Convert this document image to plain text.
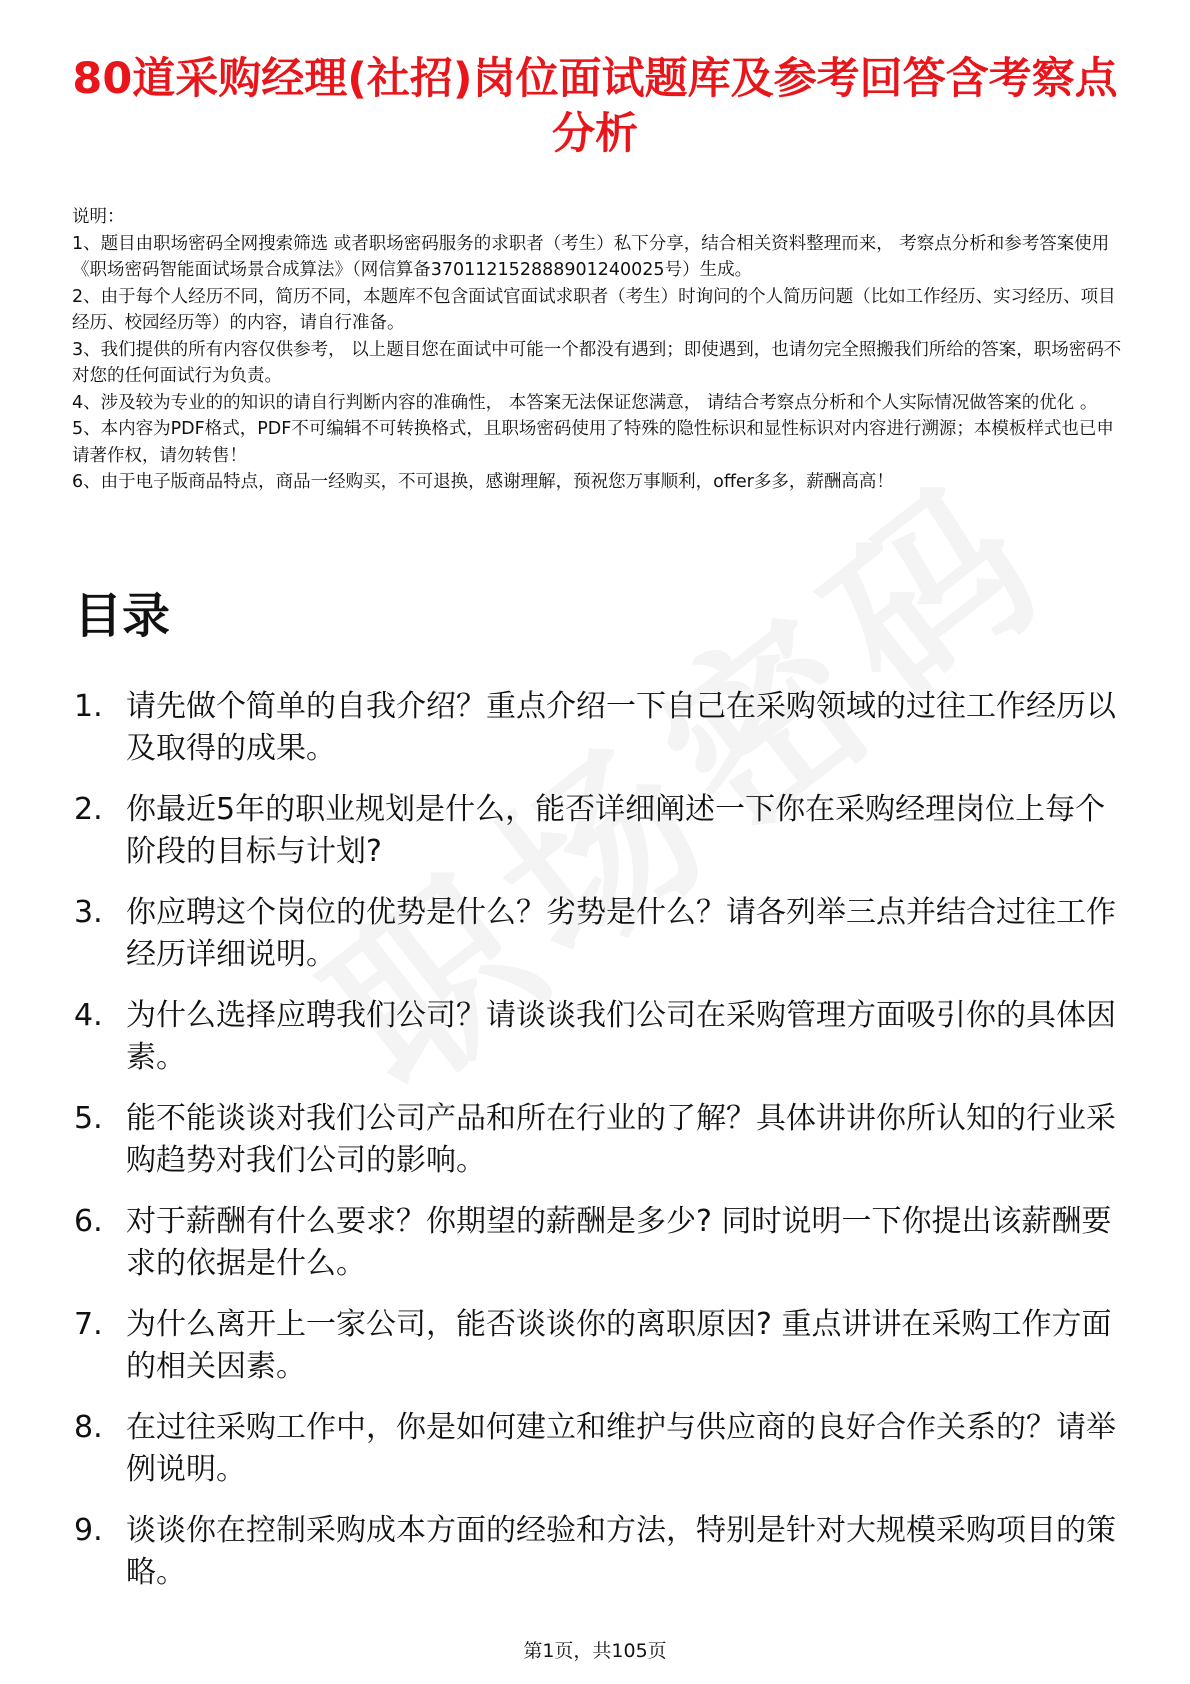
80道采购经理(社招)岗位面试题库及参考回答含考察点分析

说明：

1、题目由职场密码全网搜索筛选 或者职场密码服务的求职者（考生）私下分享，结合相关资料整理而来， 考察点分析和参考答案使用《职场密码智能面试场景合成算法》（网信算备370112152888901240025号）生成。

2、由于每个人经历不同，简历不同，本题库不包含面试官面试求职者（考生）时询问的个人简历问题（比如工作经历、实习经历、项目经历、校园经历等）的内容，请自行准备。

3、我们提供的所有内容仅供参考， 以上题目您在面试中可能一个都没有遇到；即使遇到，也请勿完全照搬我们所给的答案，职场密码不对您的任何面试行为负责。

4、涉及较为专业的的知识的请自行判断内容的准确性， 本答案无法保证您满意， 请结合考察点分析和个人实际情况做答案的优化 。

5、本内容为PDF格式，PDF不可编辑不可转换格式，且职场密码使用了特殊的隐性标识和显性标识对内容进行溯源；本模板样式也已申请著作权，请勿转售！

6、由于电子版商品特点，商品一经购买，不可退换，感谢理解，预祝您万事顺利，offer多多，薪酬高高！

目录
1. 请先做个简单的自我介绍？重点介绍一下自己在采购领域的过往工作经历以及取得的成果。
2. 你最近5年的职业规划是什么，能否详细阐述一下你在采购经理岗位上每个阶段的目标与计划?
3. 你应聘这个岗位的优势是什么？劣势是什么？请各列举三点并结合过往工作经历详细说明。
4. 为什么选择应聘我们公司？请谈谈我们公司在采购管理方面吸引你的具体因素。
5. 能不能谈谈对我们公司产品和所在行业的了解？具体讲讲你所认知的行业采购趋势对我们公司的影响。
6. 对于薪酬有什么要求？你期望的薪酬是多少? 同时说明一下你提出该薪酬要求的依据是什么。
7. 为什么离开上一家公司，能否谈谈你的离职原因? 重点讲讲在采购工作方面的相关因素。
8. 在过往采购工作中，你是如何建立和维护与供应商的良好合作关系的？请举例说明。
9. 谈谈你在控制采购成本方面的经验和方法，特别是针对大规模采购项目的策略。
第1页，共105页
